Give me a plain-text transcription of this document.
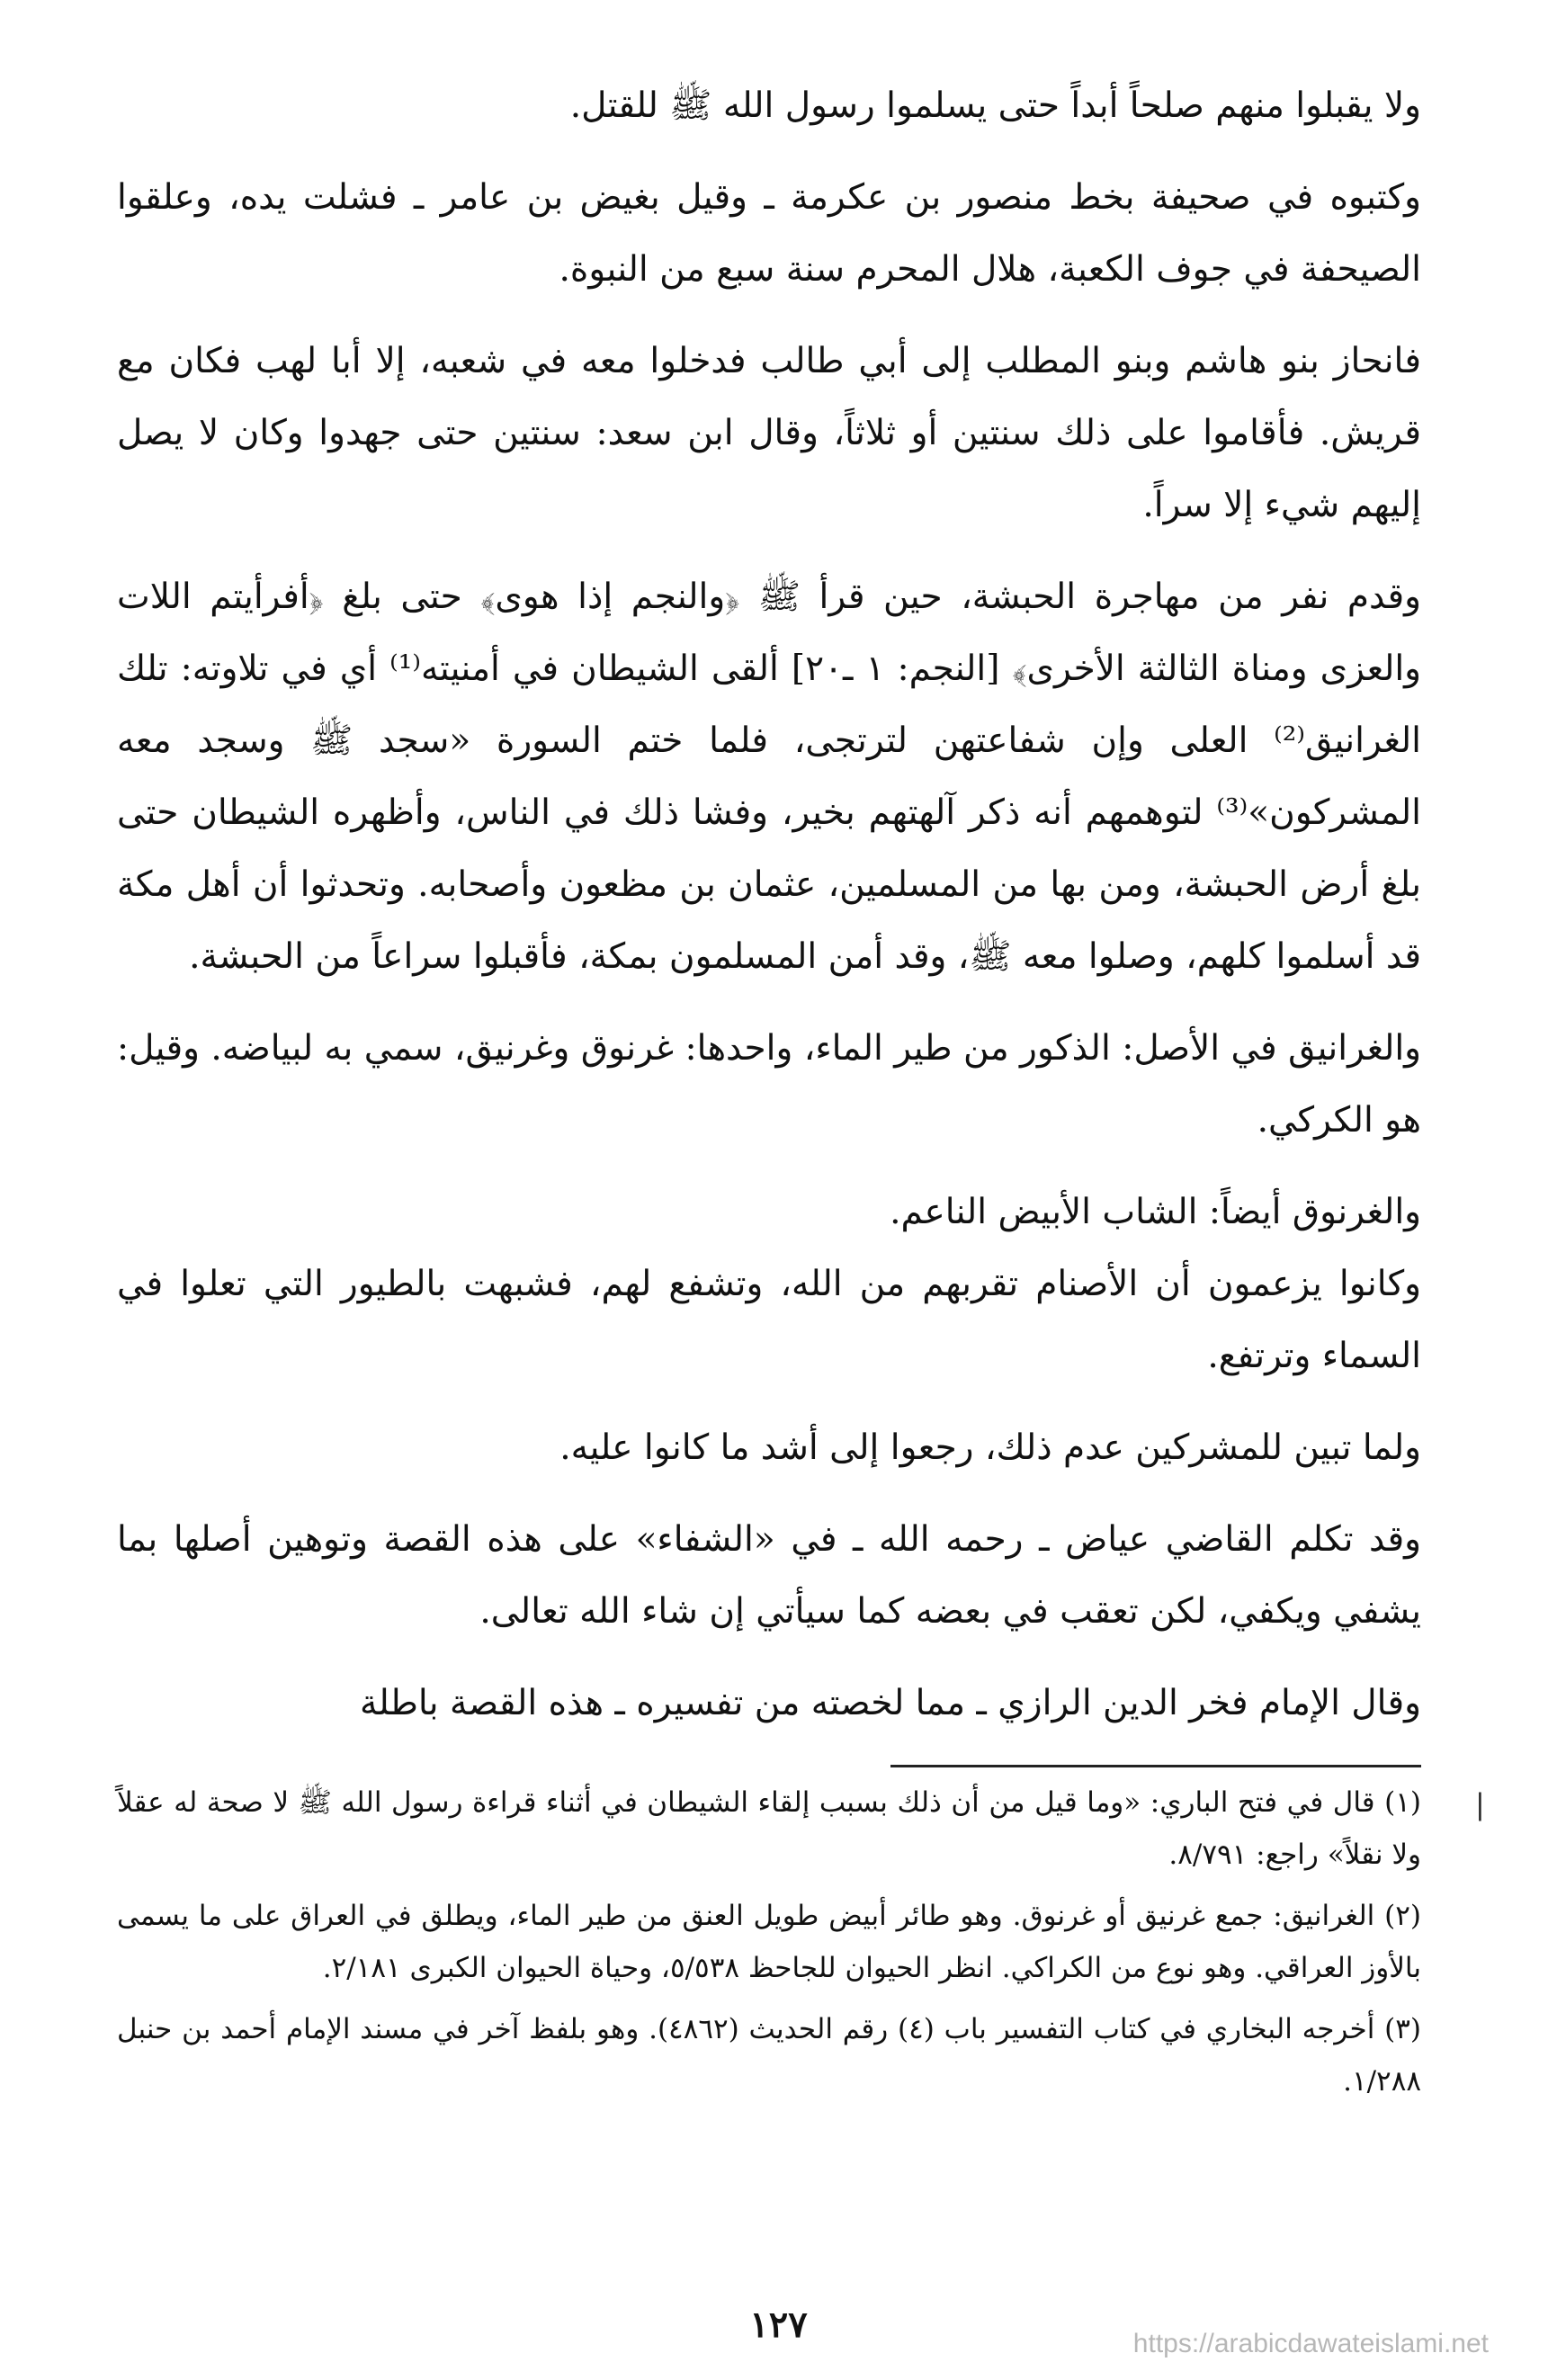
ولا يقبلوا منهم صلحاً أبداً حتى يسلموا رسول الله ﷺ للقتل.

وكتبوه في صحيفة بخط منصور بن عكرمة ـ وقيل بغيض بن عامر ـ فشلت يده، وعلقوا الصيحفة في جوف الكعبة، هلال المحرم سنة سبع من النبوة.

فانحاز بنو هاشم وبنو المطلب إلى أبي طالب فدخلوا معه في شعبه، إلا أبا لهب فكان مع قريش. فأقاموا على ذلك سنتين أو ثلاثاً، وقال ابن سعد: سنتين حتى جهدوا وكان لا يصل إليهم شيء إلا سراً.

وقدم نفر من مهاجرة الحبشة، حين قرأ ﷺ ﴿والنجم إذا هوى﴾ حتى بلغ ﴿أفرأيتم اللات والعزى ومناة الثالثة الأخرى﴾ [النجم: ١ ـ٢٠] ألقى الشيطان في أمنيته⁽¹⁾ أي في تلاوته: تلك الغرانيق⁽²⁾ العلى وإن شفاعتهن لترتجى، فلما ختم السورة «سجد ﷺ وسجد معه المشركون»⁽³⁾ لتوهمهم أنه ذكر آلهتهم بخير، وفشا ذلك في الناس، وأظهره الشيطان حتى بلغ أرض الحبشة، ومن بها من المسلمين، عثمان بن مظعون وأصحابه. وتحدثوا أن أهل مكة قد أسلموا كلهم، وصلوا معه ﷺ، وقد أمن المسلمون بمكة، فأقبلوا سراعاً من الحبشة.

والغرانيق في الأصل: الذكور من طير الماء، واحدها: غرنوق وغرنيق، سمي به لبياضه. وقيل: هو الكركي.

والغرنوق أيضاً: الشاب الأبيض الناعم.

وكانوا يزعمون أن الأصنام تقربهم من الله، وتشفع لهم، فشبهت بالطيور التي تعلوا في السماء وترتفع.

ولما تبين للمشركين عدم ذلك، رجعوا إلى أشد ما كانوا عليه.

وقد تكلم القاضي عياض ـ رحمه الله ـ في «الشفاء» على هذه القصة وتوهين أصلها بما يشفي ويكفي، لكن تعقب في بعضه كما سيأتي إن شاء الله تعالى.

وقال الإمام فخر الدين الرازي ـ مما لخصته من تفسيره ـ هذه القصة باطلة

|

(١) قال في فتح الباري: «وما قيل من أن ذلك بسبب إلقاء الشيطان في أثناء قراءة رسول الله ﷺ لا صحة له عقلاً ولا نقلاً» راجع: ٨/٧٩١.

(٢) الغرانيق: جمع غرنيق أو غرنوق. وهو طائر أبيض طويل العنق من طير الماء، ويطلق في العراق على ما يسمى بالأوز العراقي. وهو نوع من الكراكي. انظر الحيوان للجاحظ ٥/٥٣٨، وحياة الحيوان الكبرى ٢/١٨١.

(٣) أخرجه البخاري في كتاب التفسير باب (٤) رقم الحديث (٤٨٦٢). وهو بلفظ آخر في مسند الإمام أحمد بن حنبل ١/٢٨٨.

١٢٧	https://arabicdawateislami.net
